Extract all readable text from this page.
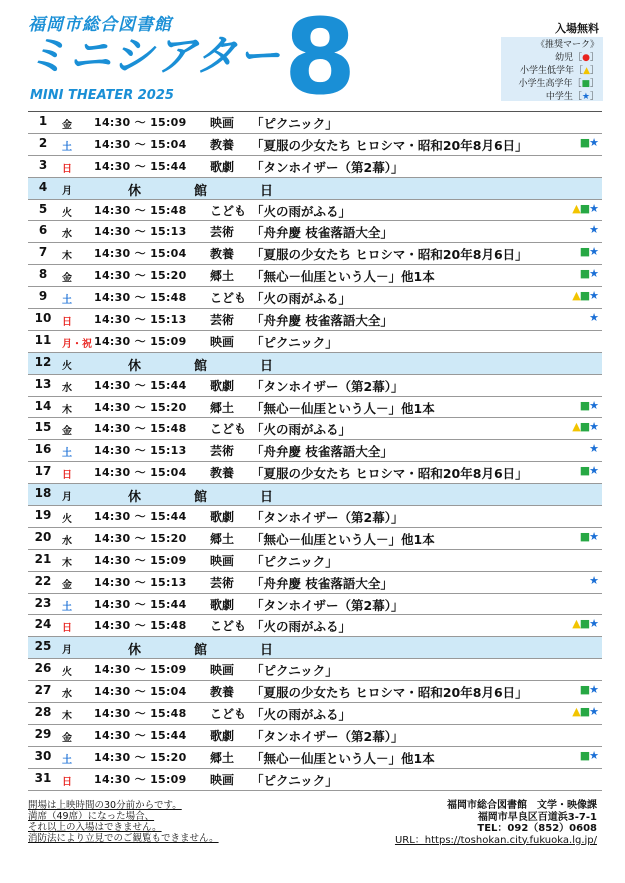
福岡市総合図書館
ミニシアター
MINI THEATER 2025 8	入場無料
《推奨マーク》
幼児［●］
小学生低学年［▲］
小学生高学年［■］
中学生［★］
1	金 14:30 ～ 15:09 映画 「ピクニック」
2	土 14:30 ～ 15:04 教養 「夏服の少女たち ヒロシマ・昭和20年8月6日」	■★
3	日 14:30 ～ 15:44 歌劇 「タンホイザー（第2幕）」
4	月	休	館	日
5	火 14:30 ～ 15:48 こども 「火の雨がふる」	▲■★
6	水 14:30 ～ 15:13 芸術 「舟弁慶 枝雀落語大全」	★
7	木 14:30 ～ 15:04 教養 「夏服の少女たち ヒロシマ・昭和20年8月6日」	■★
8	金 14:30 ～ 15:20 郷土 「無心－仙厓という人－」他1本	■★
9	土 14:30 ～ 15:48 こども 「火の雨がふる」	▲■★
10	日 14:30 ～ 15:13 芸術 「舟弁慶 枝雀落語大全」	★
11	月・祝 14:30 ～ 15:09 映画 「ピクニック」
12	火	休	館	日
13	水 14:30 ～ 15:44 歌劇 「タンホイザー（第2幕）」
14	木 14:30 ～ 15:20 郷土 「無心－仙厓という人－」他1本	■★
15	金 14:30 ～ 15:48 こども 「火の雨がふる」	▲■★
16	土 14:30 ～ 15:13 芸術 「舟弁慶 枝雀落語大全」	★
17	日 14:30 ～ 15:04 教養 「夏服の少女たち ヒロシマ・昭和20年8月6日」	■★
18	月	休	館	日
19	火 14:30 ～ 15:44 歌劇 「タンホイザー（第2幕）」
20	水 14:30 ～ 15:20 郷土 「無心－仙厓という人－」他1本	■★
21	木 14:30 ～ 15:09 映画 「ピクニック」
22	金 14:30 ～ 15:13 芸術 「舟弁慶 枝雀落語大全」	★
23	土 14:30 ～ 15:44 歌劇 「タンホイザー（第2幕）」
24	日 14:30 ～ 15:48 こども 「火の雨がふる」	▲■★
25	月	休	館	日
26	火 14:30 ～ 15:09 映画 「ピクニック」
27	水 14:30 ～ 15:04 教養 「夏服の少女たち ヒロシマ・昭和20年8月6日」	■★
28	木 14:30 ～ 15:48 こども 「火の雨がふる」	▲■★
29	金 14:30 ～ 15:44 歌劇 「タンホイザー（第2幕）」
30	土 14:30 ～ 15:20 郷土 「無心－仙厓という人－」他1本	■★
31	日 14:30 ～ 15:09 映画 「ピクニック」
開場は上映時間の30分前からです。
満席（49席）になった場合、
それ以上の入場はできません。
消防法により立見でのご観覧もできません。
福岡市総合図書館　文学・映像課
福岡市早良区百道浜3-7-1
TEL：092（852）0608
URL：https://toshokan.city.fukuoka.lg.jp/
